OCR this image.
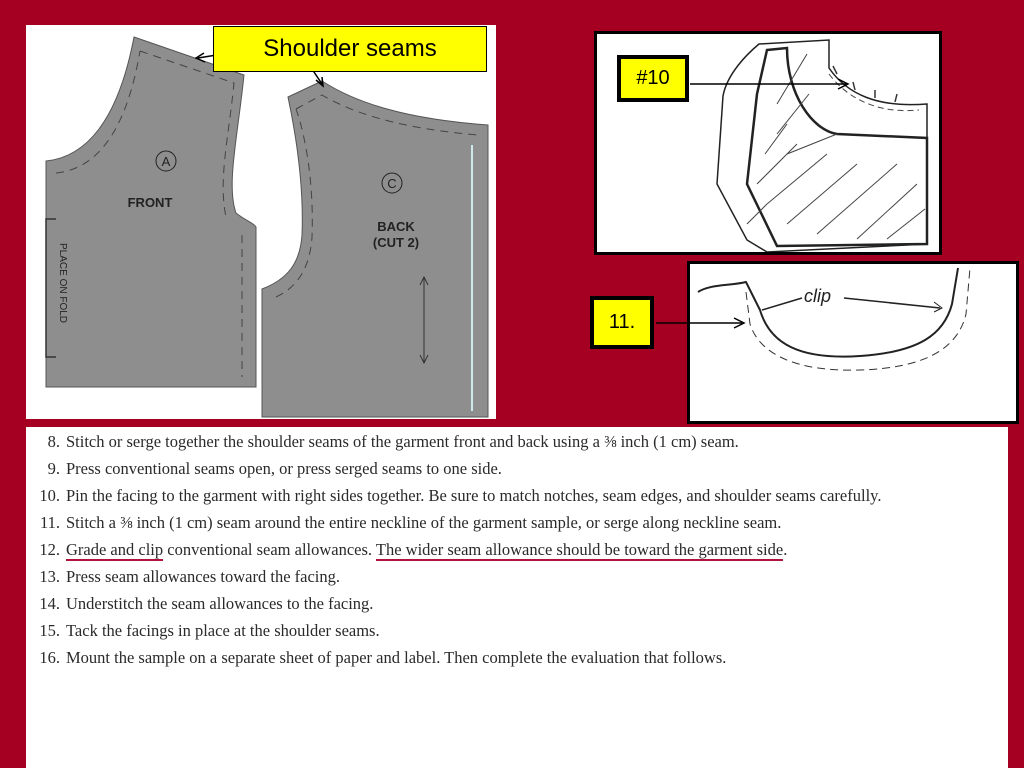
A
C
FRONT
BACK
(CUT 2)
PLACE ON FOLD	clip
Shoulder seams
#10
11.
8. Stitch or serge together the shoulder seams of the garment front and back using a ⅜ inch (1 cm) seam.
9. Press conventional seams open, or press serged seams to one side.
10. Pin the facing to the garment with right sides together. Be sure to match notches, seam edges, and shoulder seams carefully.
11. Stitch a ⅜ inch (1 cm) seam around the entire neckline of the garment sample, or serge along neckline seam.
12. Grade and clip conventional seam allowances. The wider seam allowance should be toward the garment side.
13. Press seam allowances toward the facing.
14. Understitch the seam allowances to the facing.
15. Tack the facings in place at the shoulder seams.
16. Mount the sample on a separate sheet of paper and label. Then complete the evaluation that follows.
